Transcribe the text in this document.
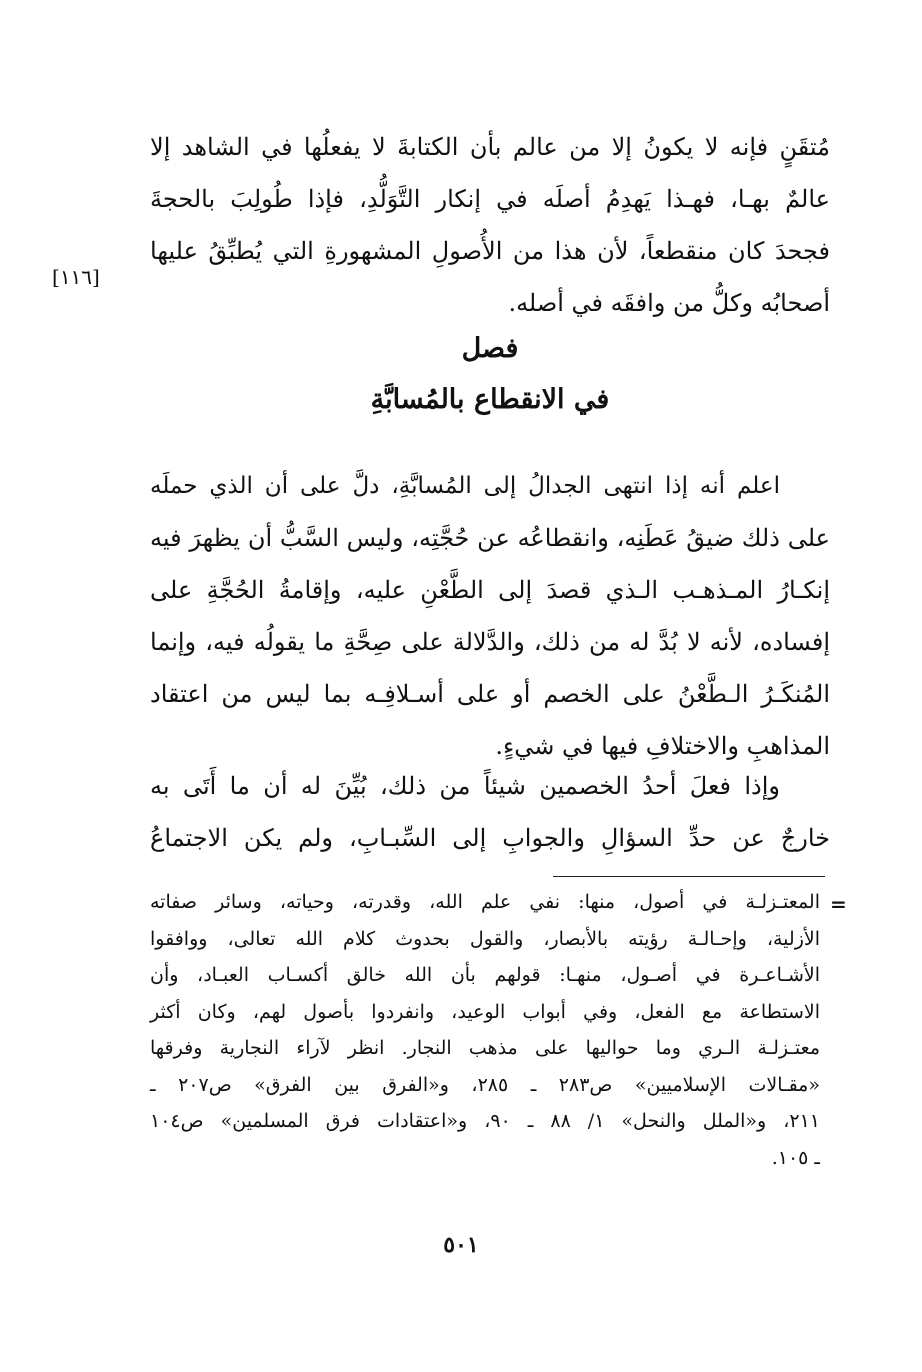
مُتقَنٍ فإنه لا يكونُ إلا من عالم بأن الكتابةَ لا يفعلُها في الشاهد إلا
عالمٌ بهـا، فهـذا يَهدِمُ أصلَه في إنكار التَّوَلُّدِ، فإذا طُولِبَ بالحجةَ
فجحدَ كان منقطعاً، لأن هذا من الأُصولِ المشهورةِ التي يُطبِّقُ عليها
أصحابُه وكلُّ من وافقَه في أصله.
[١١٦]
فصل
في الانقطاع بالمُسابَّةِ
اعلم أنه إذا انتهى الجدالُ إلى المُسابَّةِ، دلَّ على أن الذي حملَه
على ذلك ضيقُ عَطَنِه، وانقطاعُه عن حُجَّتِه، وليس السَّبُّ أن يظهرَ فيه
إنكـارُ المـذهـب الـذي قصدَ إلى الطَّعْنِ عليه، وإقامةُ الحُجَّةِ على
إفساده، لأنه لا بُدَّ له من ذلك، والدَّلالة على صِحَّةِ ما يقولُه فيه، وإنما
المُنكَـرُ الـطَّعْنُ على الخصم أو على أسـلافِـه بما ليس من اعتقاد
المذاهبِ والاختلافِ فيها في شيءٍ.
وإذا فعلَ أحدُ الخصمين شيئاً من ذلك، بُيِّنَ له أن ما أَتَى به
خارجٌ عن حدِّ السؤالِ والجوابِ إلى السِّبـابِ، ولم يكن الاجتماعُ
=
المعتـزلـة في أصول، منها: نفي علم الله، وقدرته، وحياته، وسائر صفاته
الأزلية، وإحـالـة رؤيته بالأبصار، والقول بحدوث كلام الله تعالى، ووافقوا
الأشـاعـرة في أصـول، منهـا: قولهم بأن الله خالق أكسـاب العبـاد، وأن
الاستطاعة مع الفعل، وفي أبواب الوعيد، وانفردوا بأصول لهم، وكان أكثر
معتـزلـة الـري وما حواليها على مذهب النجار. انظر لآراء النجارية وفرقها
«مقـالات الإسلاميين» ص٢٨٣ ـ ٢٨٥، و«الفرق بين الفرق» ص٢٠٧ ـ
٢١١، و«الملل والنحل» ١/ ٨٨ ـ ٩٠، و«اعتقادات فرق المسلمين» ص١٠٤
ـ ١٠٥.
٥٠١
